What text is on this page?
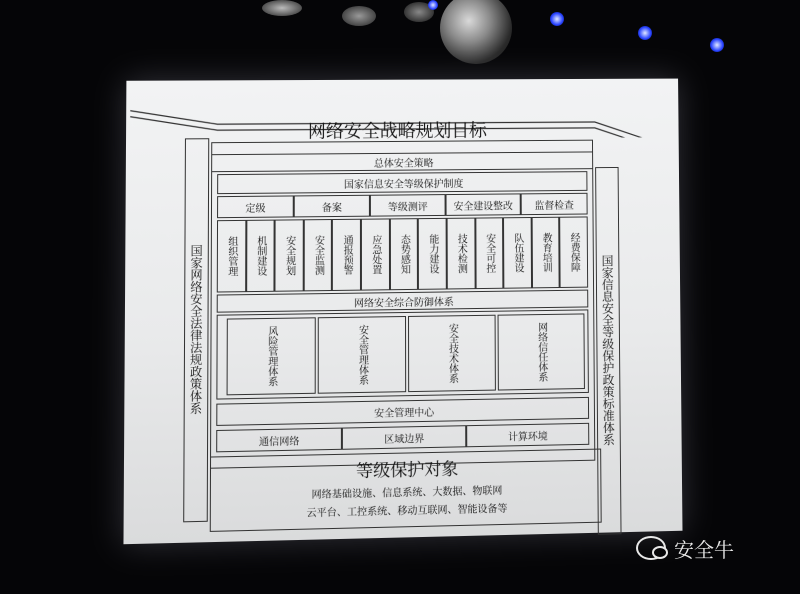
网络安全战略规划目标
国家网络安全法律法规政策体系	国家信息安全等级保护政策标准体系
总体安全策略
国家信息安全等级保护制度
定级	备案	等级测评	安全建设整改	监督检查
组织管理 机制建设 安全规划 安全监测 通报预警 应急处置 态势感知 能力建设 技术检测 安全可控 队伍建设 教育培训 经费保障
网络安全综合防御体系
风险管理体系	安全管理体系	安全技术体系	网络信任体系
安全管理中心
通信网络	区域边界	计算环境
等级保护对象
网络基础设施、信息系统、大数据、物联网
云平台、工控系统、移动互联网、智能设备等
安全牛
